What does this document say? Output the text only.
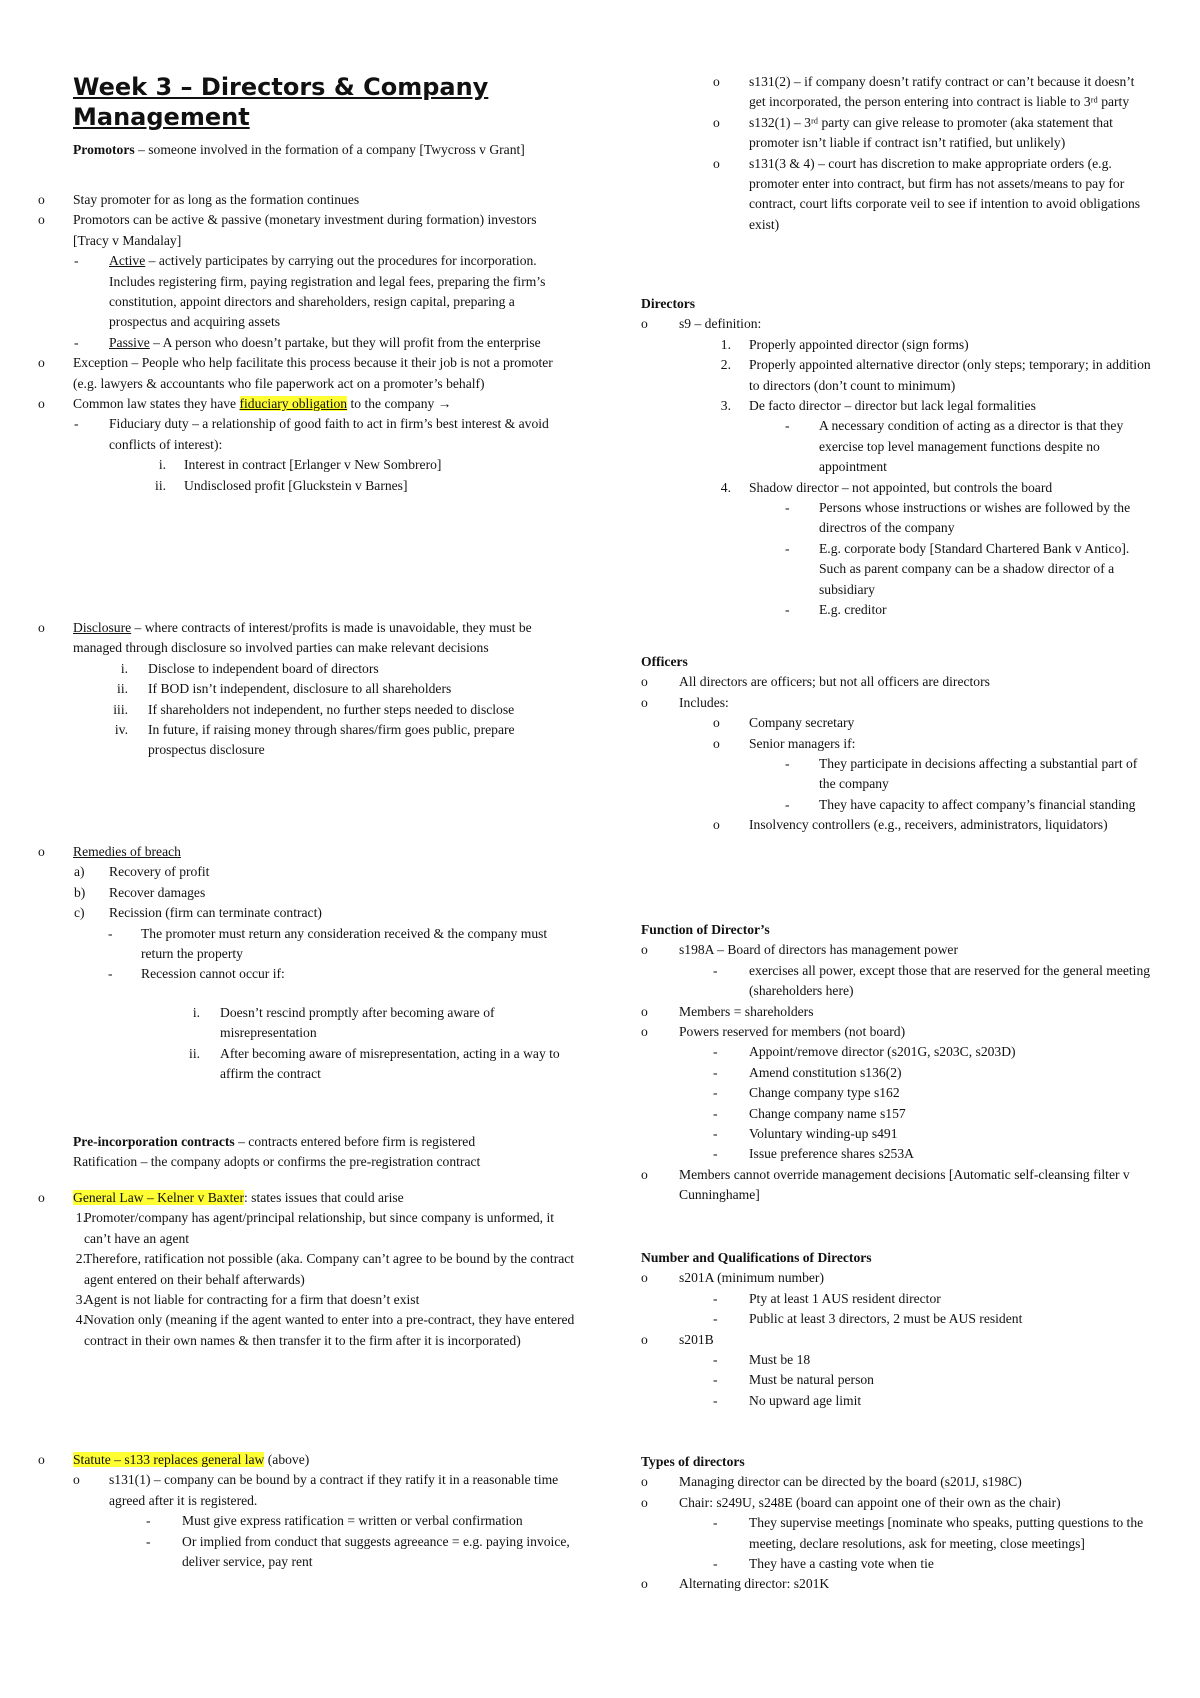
Week 3 – Directors & Company Management

Promotors – someone involved in the formation of a company [Twycross v Grant]

o Stay promoter for as long as the formation continues
o Promotors can be active & passive (monetary investment during formation) investors [Tracy v Mandalay]
- Active – actively participates by carrying out the procedures for incorporation. Includes registering firm, paying registration and legal fees, preparing the firm’s constitution, appoint directors and shareholders, resign capital, preparing a prospectus and acquiring assets
- Passive – A person who doesn’t partake, but they will profit from the enterprise
o Exception – People who help facilitate this process because it their job is not a promoter (e.g. lawyers & accountants who file paperwork act on a promoter’s behalf)
o Common law states they have fiduciary obligation to the company →
- Fiduciary duty – a relationship of good faith to act in firm’s best interest & avoid conflicts of interest):
i. Interest in contract [Erlanger v New Sombrero]
ii. Undisclosed profit [Gluckstein v Barnes]
o Disclosure – where contracts of interest/profits is made is unavoidable, they must be managed through disclosure so involved parties can make relevant decisions
i. Disclose to independent board of directors
ii. If BOD isn’t independent, disclosure to all shareholders
iii. If shareholders not independent, no further steps needed to disclose
iv. In future, if raising money through shares/firm goes public, prepare prospectus disclosure
o Remedies of breach
a) Recovery of profit
b) Recover damages
c) Recission (firm can terminate contract)
- The promoter must return any consideration received & the company must return the property
- Recession cannot occur if:
i. Doesn’t rescind promptly after becoming aware of misrepresentation
ii. After becoming aware of misrepresentation, acting in a way to affirm the contract

Pre-incorporation contracts – contracts entered before firm is registered

Ratification – the company adopts or confirms the pre-registration contract

o General Law – Kelner v Baxter: states issues that could arise
1.
Promoter/company has agent/principal relationship, but since company is unformed, it can’t have an agent
2.
Therefore, ratification not possible (aka. Company can’t agree to be bound by the contract agent entered on their behalf afterwards)
3.
Agent is not liable for contracting for a firm that doesn’t exist
4.
Novation only (meaning if the agent wanted to enter into a pre-contract, they have entered contract in their own names & then transfer it to the firm after it is incorporated)
o Statute – s133 replaces general law (above)
o s131(1) – company can be bound by a contract if they ratify it in a reasonable time agreed after it is registered.
- Must give express ratification = written or verbal confirmation
- Or implied from conduct that suggests agreeance = e.g. paying invoice, deliver service, pay rent
o s131(2) – if company doesn’t ratify contract or can’t because it doesn’t get incorporated, the person entering into contract is liable to 3ʳᵈ party
o s132(1) – 3ʳᵈ party can give release to promoter (aka statement that promoter isn’t liable if contract isn’t ratified, but unlikely)
o s131(3 & 4) – court has discretion to make appropriate orders (e.g. promoter enter into contract, but firm has not assets/means to pay for contract, court lifts corporate veil to see if intention to avoid obligations exist)

Directors

o s9 – definition:
1. Properly appointed director (sign forms)
2. Properly appointed alternative director (only steps; temporary; in addition to directors (don’t count to minimum)
3. De facto director – director but lack legal formalities
- A necessary condition of acting as a director is that they exercise top level management functions despite no appointment
4. Shadow director – not appointed, but controls the board
- Persons whose instructions or wishes are followed by the directros of the company
- E.g. corporate body [Standard Chartered Bank v Antico]. Such as parent company can be a shadow director of a subsidiary
- E.g. creditor

Officers

o All directors are officers; but not all officers are directors
o Includes:
o Company secretary
o Senior managers if:
- They participate in decisions affecting a substantial part of the company
- They have capacity to affect company’s financial standing
o Insolvency controllers (e.g., receivers, administrators, liquidators)

Function of Director’s

o s198A – Board of directors has management power
- exercises all power, except those that are reserved for the general meeting (shareholders here)
o Members = shareholders
o Powers reserved for members (not board)
- Appoint/remove director (s201G, s203C, s203D)
- Amend constitution s136(2)
- Change company type s162
- Change company name s157
- Voluntary winding-up s491
- Issue preference shares s253A
o Members cannot override management decisions [Automatic self-cleansing filter v Cunninghame]

Number and Qualifications of Directors

o s201A (minimum number)
- Pty at least 1 AUS resident director
- Public at least 3 directors, 2 must be AUS resident
o s201B
- Must be 18
- Must be natural person
- No upward age limit

Types of directors

o Managing director can be directed by the board (s201J, s198C)
o Chair: s249U, s248E (board can appoint one of their own as the chair)
- They supervise meetings [nominate who speaks, putting questions to the meeting, declare resolutions, ask for meeting, close meetings]
- They have a casting vote when tie
o Alternating director: s201K
